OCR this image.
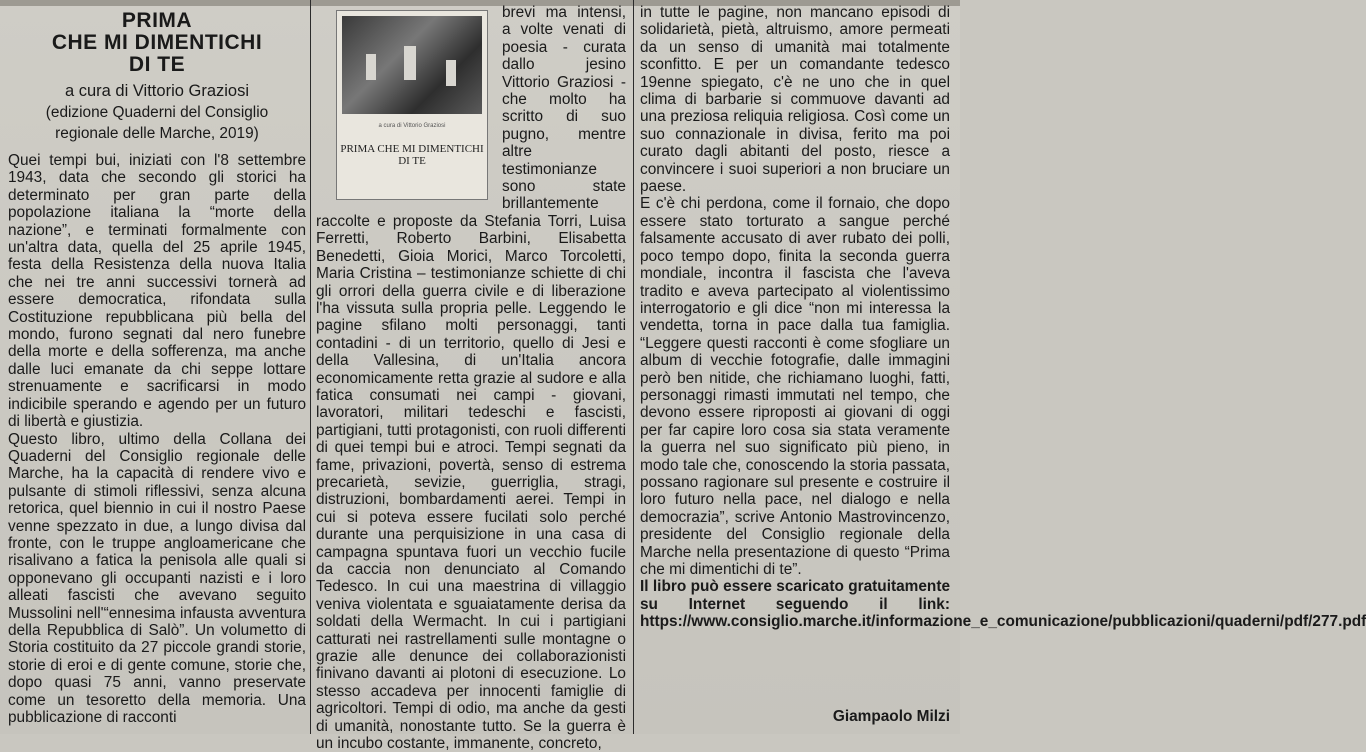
PRIMA
CHE MI DIMENTICHI
DI TE
a cura di Vittorio Graziosi
(edizione Quaderni del Consiglio
regionale delle Marche, 2019)

Quei tempi bui, iniziati con l'8 settembre 1943, data che secondo gli storici ha determinato per gran parte della popolazione italiana la “morte della nazione”, e terminati formalmente con un'altra data, quella del 25 aprile 1945, festa della Resistenza della nuova Italia che nei tre anni successivi tornerà ad essere democratica, rifondata sulla Costituzione repubblicana più bella del mondo, furono segnati dal nero funebre della morte e della sofferenza, ma anche dalle luci emanate da chi seppe lottare strenuamente e sacrificarsi in modo indicibile sperando e agendo per un futuro di libertà e giustizia.

Questo libro, ultimo della Collana dei Quaderni del Consiglio regionale delle Marche, ha la capacità di rendere vivo e pulsante di stimoli riflessivi, senza alcuna retorica, quel biennio in cui il nostro Paese venne spezzato in due, a lungo divisa dal fronte, con le truppe angloamericane che risalivano a fatica la penisola alle quali si opponevano gli occupanti nazisti e i loro alleati fascisti che avevano seguito Mussolini nell'“ennesima infausta avventura della Repubblica di Salò”. Un volumetto di Storia costituito da 27 piccole grandi storie, storie di eroi e di gente comune, storie che, dopo quasi 75 anni, vanno preservate come un tesoretto della memoria. Una pubblicazione di racconti

a cura di Vittorio Graziosi
PRIMA CHE MI DIMENTICHI DI TE

brevi ma intensi, a volte venati di poesia - curata dallo jesino Vittorio Graziosi - che molto ha scritto di suo pugno, mentre altre testimonianze sono state brillantemente raccolte e proposte da Stefania Torri, Luisa Ferretti, Roberto Barbini, Elisabetta Benedetti, Gioia Morici, Marco Torcoletti, Maria Cristina – testimonianze schiette di chi gli orrori della guerra civile e di liberazione l'ha vissuta sulla propria pelle. Leggendo le pagine sfilano molti personaggi, tanti contadini - di un territorio, quello di Jesi e della Vallesina, di un'Italia ancora economicamente retta grazie al sudore e alla fatica consumati nei campi - giovani, lavoratori, militari tedeschi e fascisti, partigiani, tutti protagonisti, con ruoli differenti di quei tempi bui e atroci. Tempi segnati da fame, privazioni, povertà, senso di estrema precarietà, sevizie, guerriglia, stragi, distruzioni, bombardamenti aerei. Tempi in cui si poteva essere fucilati solo perché durante una perquisizione in una casa di campagna spuntava fuori un vecchio fucile da caccia non denunciato al Comando Tedesco. In cui una maestrina di villaggio veniva violentata e sguaiatamente derisa da soldati della Wermacht. In cui i partigiani catturati nei rastrellamenti sulle montagne o grazie alle denunce dei collaborazionisti finivano davanti ai plotoni di esecuzione. Lo stesso accadeva per innocenti famiglie di agricoltori. Tempi di odio, ma anche da gesti di umanità, nonostante tutto. Se la guerra è un incubo costante, immanente, concreto,

in tutte le pagine, non mancano episodi di solidarietà, pietà, altruismo, amore permeati da un senso di umanità mai totalmente sconfitto. E per un comandante tedesco 19enne spiegato, c'è ne uno che in quel clima di barbarie si commuove davanti ad una preziosa reliquia religiosa. Così come un suo connazionale in divisa, ferito ma poi curato dagli abitanti del posto, riesce a convincere i suoi superiori a non bruciare un paese.

E c'è chi perdona, come il fornaio, che dopo essere stato torturato a sangue perché falsamente accusato di aver rubato dei polli, poco tempo dopo, finita la seconda guerra mondiale, incontra il fascista che l'aveva tradito e aveva partecipato al violentissimo interrogatorio e gli dice “non mi interessa la vendetta, torna in pace dalla tua famiglia. “Leggere questi racconti è come sfogliare un album di vecchie fotografie, dalle immagini però ben nitide, che richiamano luoghi, fatti, personaggi rimasti immutati nel tempo, che devono essere riproposti ai giovani di oggi per far capire loro cosa sia stata veramente la guerra nel suo significato più pieno, in modo tale che, conoscendo la storia passata, possano ragionare sul presente e costruire il loro futuro nella pace, nel dialogo e nella democrazia”, scrive Antonio Mastrovincenzo, presidente del Consiglio regionale della Marche nella presentazione di questo “Prima che mi dimentichi di te”.

Il libro può essere scaricato gratuitamente su Internet seguendo il link: https://www.consiglio.marche.it/informazione_e_comunicazione/pubblicazioni/quaderni/pdf/277.pdf

Giampaolo Milzi
